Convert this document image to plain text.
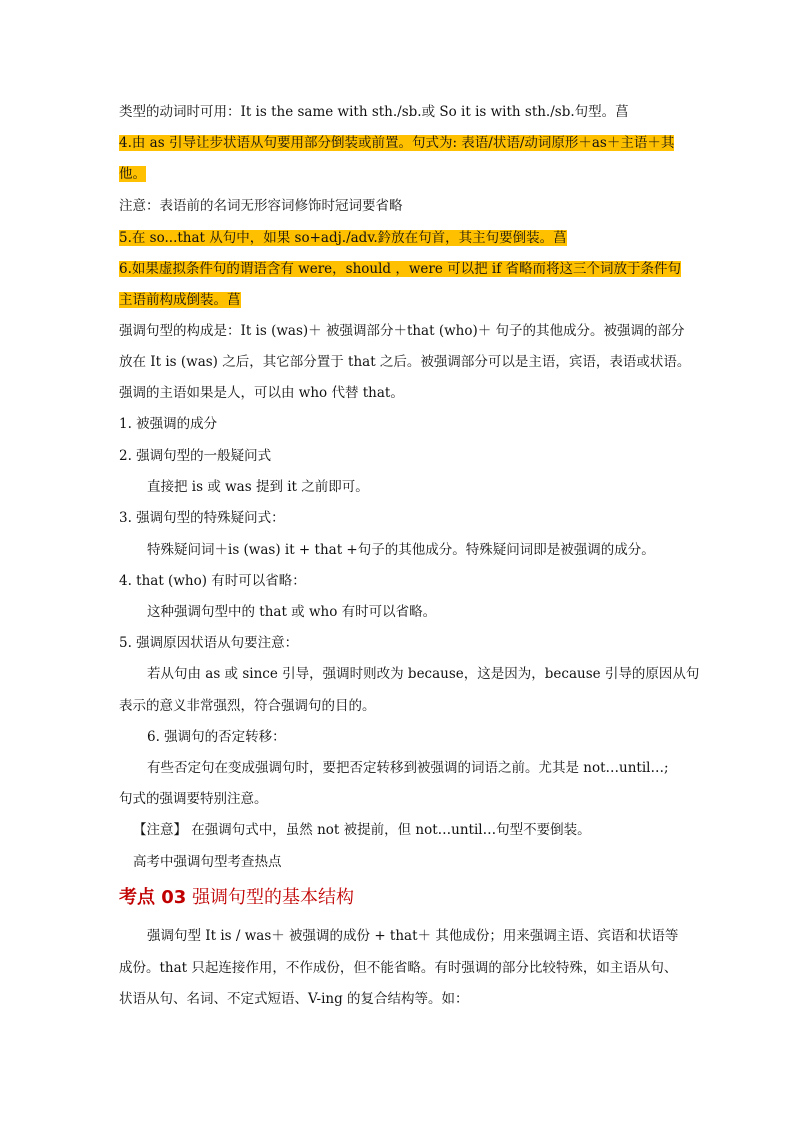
类型的动词时可用：It is the same with sth./sb.或 So it is with sth./sb.句型。菖
4.由 as 引导让步状语从句要用部分倒装或前置。句式为: 表语/状语/动词原形＋as＋主语＋其
他。
注意：表语前的名词无形容词修饰时冠词要省略
5.在 so...that 从句中，如果 so+adj./adv.鈐放在句首，其主句要倒装。菖
6.如果虚拟条件句的谓语含有 were，should ，were 可以把 if 省略而将这三个词放于条件句
主语前构成倒装。菖
强调句型的构成是：It is (was)＋ 被强调部分＋that (who)＋ 句子的其他成分。被强调的部分
放在 It is (was) 之后，其它部分置于 that 之后。被强调部分可以是主语，宾语，表语或状语。
强调的主语如果是人，可以由 who 代替 that。
1. 被强调的成分
2. 强调句型的一般疑问式
直接把 is 或 was 提到 it 之前即可。
3. 强调句型的特殊疑问式：
特殊疑问词＋is (was) it + that +句子的其他成分。特殊疑问词即是被强调的成分。
4. that (who) 有时可以省略：
这种强调句型中的 that 或 who 有时可以省略。
5. 强调原因状语从句要注意：
若从句由 as 或 since 引导，强调时则改为 because，这是因为，because 引导的原因从句
表示的意义非常强烈，符合强调句的目的。
6. 强调句的否定转移：
有些否定句在变成强调句时，要把否定转移到被强调的词语之前。尤其是 not…until…;
句式的强调要特别注意。
【注意】 在强调句式中，虽然 not 被提前，但 not…until…句型不要倒装。
高考中强调句型考查热点
考点 03 强调句型的基本结构
强调句型 It is / was＋ 被强调的成份 + that＋ 其他成份；用来强调主语、宾语和状语等
成份。that 只起连接作用，不作成份，但不能省略。有时强调的部分比较特殊，如主语从句、
状语从句、名词、不定式短语、V-ing 的复合结构等。如：
